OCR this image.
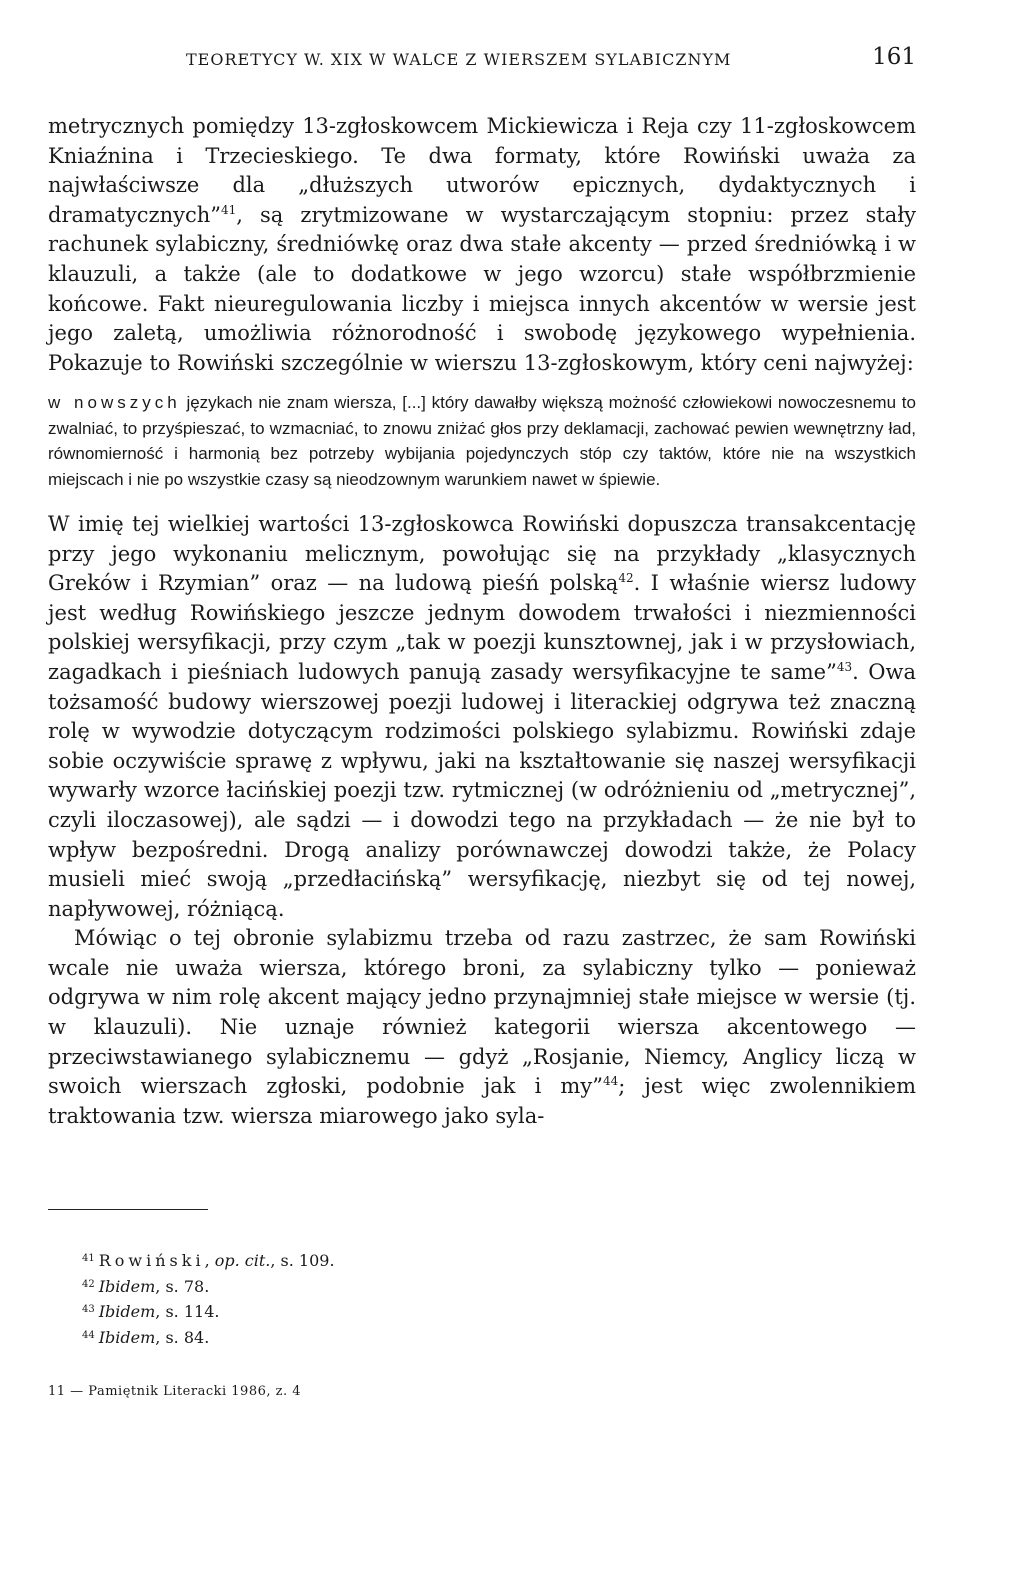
TEORETYCY W. XIX W WALCE Z WIERSZEM SYLABICZNYM	161

metrycznych pomiędzy 13-zgłoskowcem Mickiewicza i Reja czy 11-zgłoskowcem Kniaźnina i Trzecieskiego. Te dwa formaty, które Rowiński uważa za najwłaściwsze dla „dłuższych utworów epicznych, dydaktycznych i dramatycznych”$^{41}$, są zrytmizowane w wystarczającym stopniu: przez stały rachunek sylabiczny, średniówkę oraz dwa stałe akcenty — przed średniówką i w klauzuli, a także (ale to dodatkowe w jego wzorcu) stałe współbrzmienie końcowe. Fakt nieuregulowania liczby i miejsca innych akcentów w wersie jest jego zaletą, umożliwia różnorodność i swobodę językowego wypełnienia. Pokazuje to Rowiński szczególnie w wierszu 13-zgłoskowym, który ceni najwyżej:

w nowszych językach nie znam wiersza, [...] który dawałby większą możność człowiekowi nowoczesnemu to zwalniać, to przyśpieszać, to wzmacniać, to znowu zniżać głos przy deklamacji, zachować pewien wewnętrzny ład, równomierność i harmonią bez potrzeby wybijania pojedynczych stóp czy taktów, które nie na wszystkich miejscach i nie po wszystkie czasy są nieodzownym warunkiem nawet w śpiewie.

W imię tej wielkiej wartości 13-zgłoskowca Rowiński dopuszcza transakcentację przy jego wykonaniu melicznym, powołując się na przykłady „klasycznych Greków i Rzymian” oraz — na ludową pieśń polską$^{42}$. I właśnie wiersz ludowy jest według Rowińskiego jeszcze jednym dowodem trwałości i niezmienności polskiej wersyfikacji, przy czym „tak w poezji kunsztownej, jak i w przysłowiach, zagadkach i pieśniach ludowych panują zasady wersyfikacyjne te same”$^{43}$. Owa tożsamość budowy wierszowej poezji ludowej i literackiej odgrywa też znaczną rolę w wywodzie dotyczącym rodzimości polskiego sylabizmu. Rowiński zdaje sobie oczywiście sprawę z wpływu, jaki na kształtowanie się naszej wersyfikacji wywarły wzorce łacińskiej poezji tzw. rytmicznej (w odróżnieniu od „metrycznej”, czyli iloczasowej), ale sądzi — i dowodzi tego na przykładach — że nie był to wpływ bezpośredni. Drogą analizy porównawczej dowodzi także, że Polacy musieli mieć swoją „przedłacińską” wersyfikację, niezbyt się od tej nowej, napływowej, różniącą.

Mówiąc o tej obronie sylabizmu trzeba od razu zastrzec, że sam Rowiński wcale nie uważa wiersza, którego broni, za sylabiczny tylko — ponieważ odgrywa w nim rolę akcent mający jedno przynajmniej stałe miejsce w wersie (tj. w klauzuli). Nie uznaje również kategorii wiersza akcentowego — przeciwstawianego sylabicznemu — gdyż „Rosjanie, Niemcy, Anglicy liczą w swoich wierszach zgłoski, podobnie jak i my”$^{44}$; jest więc zwolennikiem traktowania tzw. wiersza miarowego jako syla-

$^{41}$ Rowiński, op. cit., s. 109.
$^{42}$ Ibidem, s. 78.
$^{43}$ Ibidem, s. 114.
$^{44}$ Ibidem, s. 84.
11 — Pamiętnik Literacki 1986, z. 4
